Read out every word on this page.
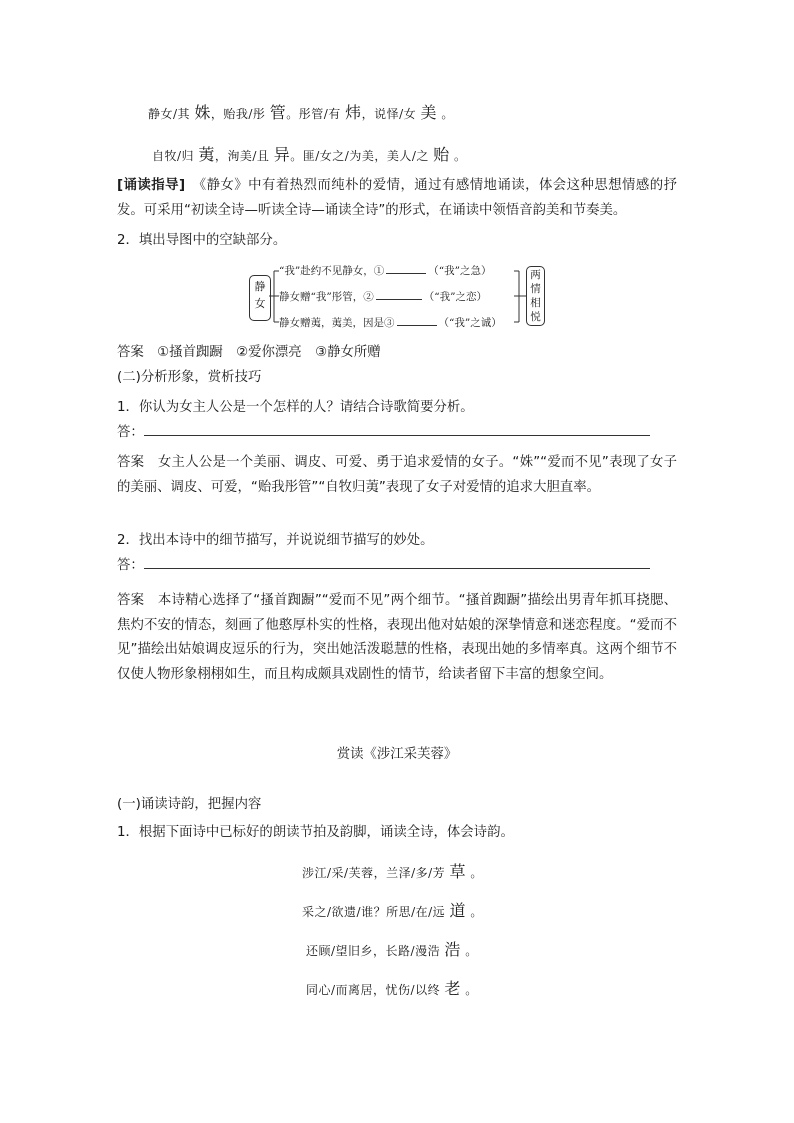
静女/其 姝，贻我/彤 管。彤管/有 炜，说怿/女 美 。
自牧/归 荑，洵美/且 异。匪/女之/为美，美人/之 贻 。
[诵读指导]　 《静女》中有着热烈而纯朴的爱情，通过有感情地诵读，体会这种思想情感的抒发。可采用“初读全诗—听读全诗—诵读全诗”的形式，在诵读中领悟音韵美和节奏美。
2．填出导图中的空缺部分。
静女
“我”赴约不见静女，①	（“我”之急）
静女赠“我”彤管，②	（“我”之恋）
静女赠荑，荑美，因是③	（“我”之诚）
两情相悦
答案　 ①搔首踟蹰　②爱你漂亮　③静女所赠
(二)分析形象，赏析技巧
1．你认为女主人公是一个怎样的人？请结合诗歌简要分析。
答：
答案　 女主人公是一个美丽、调皮、可爱、勇于追求爱情的女子。“姝”“爱而不见”表现了女子的美丽、调皮、可爱，“贻我彤管”“自牧归荑”表现了女子对爱情的追求大胆直率。
2．找出本诗中的细节描写，并说说细节描写的妙处。
答：
答案　 本诗精心选择了“搔首踟蹰”“爱而不见”两个细节。“搔首踟蹰”描绘出男青年抓耳挠腮、焦灼不安的情态，刻画了他憨厚朴实的性格，表现出他对姑娘的深挚情意和迷恋程度。“爱而不见”描绘出姑娘调皮逗乐的行为，突出她活泼聪慧的性格，表现出她的多情率真。这两个细节不仅使人物形象栩栩如生，而且构成颇具戏剧性的情节，给读者留下丰富的想象空间。
赏读《涉江采芙蓉》
(一)诵读诗韵，把握内容
1．根据下面诗中已标好的朗读节拍及韵脚，诵读全诗，体会诗韵。
涉江/采/芙蓉，兰泽/多/芳 草 。
采之/欲遗/谁？所思/在/远 道 。
还顾/望旧乡，长路/漫浩 浩 。
同心/而离居，忧伤/以终 老 。
